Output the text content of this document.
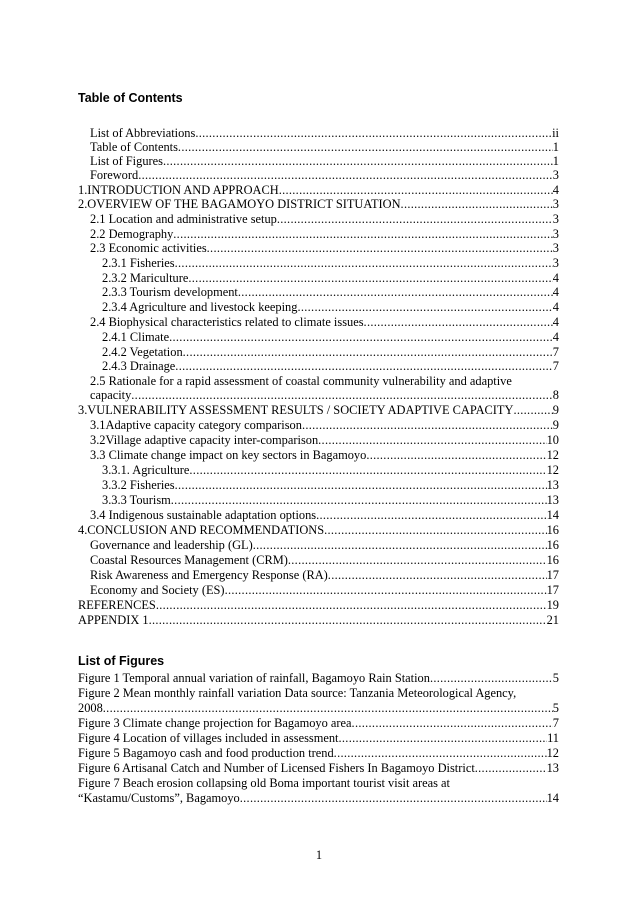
Table of Contents
List of Abbreviations .....	ii
Table of Contents .....	1
List of Figures .....	1
Foreword .....	3
1. INTRODUCTION AND APPROACH .....	4
2. OVERVIEW OF THE BAGAMOYO DISTRICT SITUATION .....	3
2.1 Location and administrative setup .....	3
2.2 Demography .....	3
2.3 Economic activities .....	3
2.3.1 Fisheries .....	3
2.3.2 Mariculture .....	4
2.3.3 Tourism development .....	4
2.3.4 Agriculture and livestock keeping .....	4
2.4 Biophysical characteristics related to climate issues .....	4
2.4.1 Climate .....	4
2.4.2 Vegetation .....	7
2.4.3 Drainage .....	7
2.5 Rationale for a rapid assessment of coastal community vulnerability and adaptive
capacity .....	8
3. VULNERABILITY ASSESSMENT RESULTS / SOCIETY ADAPTIVE CAPACITY .....	9
3.1 Adaptive capacity category comparison .....	9
3.2 Village adaptive capacity inter-comparison .....	10
3.3 Climate change impact on key sectors in Bagamoyo .....	12
3.3.1. Agriculture .....	12
3.3.2 Fisheries .....	13
3.3.3 Tourism .....	13
3.4 Indigenous sustainable adaptation options .....	14
4. CONCLUSION AND RECOMMENDATIONS .....	16
Governance and leadership (GL) .....	16
Coastal Resources Management (CRM) .....	16
Risk Awareness and Emergency Response (RA) .....	17
Economy and Society (ES) .....	17
REFERENCES .....	19
APPENDIX 1 .....	21
List of Figures
Figure 1 Temporal annual variation of rainfall, Bagamoyo Rain Station .....	5
Figure 2 Mean monthly rainfall variation Data source: Tanzania Meteorological Agency,
2008 .....	5
Figure 3 Climate change projection for Bagamoyo area .....	7
Figure 4 Location of villages included in assessment .....	11
Figure 5 Bagamoyo cash and food production trend .....	12
Figure 6 Artisanal Catch and Number of Licensed Fishers In Bagamoyo District .....	13
Figure 7 Beach erosion collapsing old Boma important tourist visit areas at
“Kastamu/Customs”, Bagamoyo .....	14
1
